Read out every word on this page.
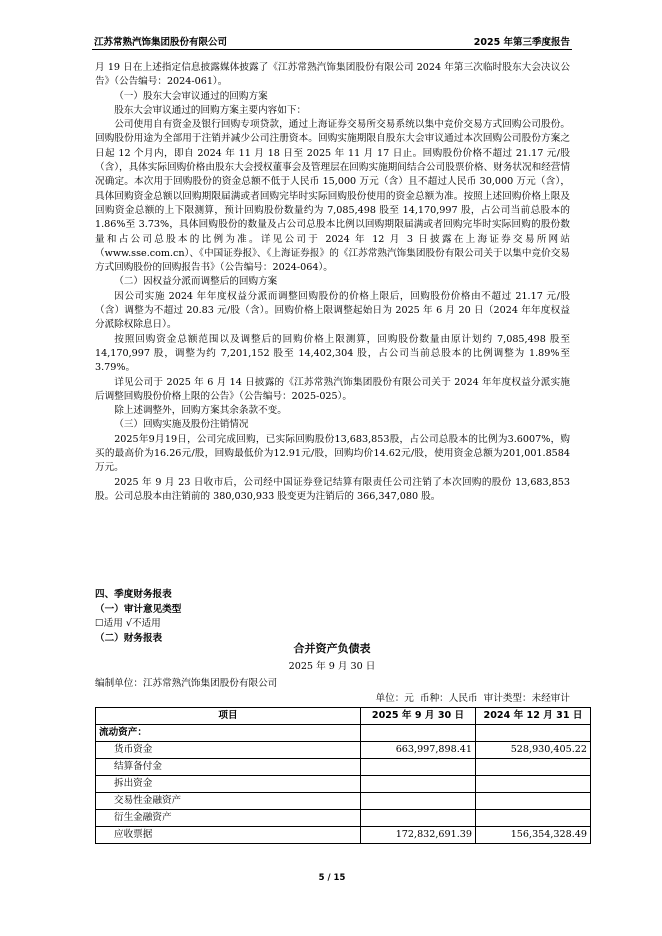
江苏常熟汽饰集团股份有限公司	2025 年第三季度报告

月 19 日在上述指定信息披露媒体披露了《江苏常熟汽饰集团股份有限公司 2024 年第三次临时股东大会决议公告》（公告编号：2024-061）。

（一）股东大会审议通过的回购方案

股东大会审议通过的回购方案主要内容如下：

公司使用自有资金及银行回购专项贷款，通过上海证券交易所交易系统以集中竞价交易方式回购公司股份。回购股份用途为全部用于注销并减少公司注册资本。回购实施期限自股东大会审议通过本次回购公司股份方案之日起 12 个月内，即自 2024 年 11 月 18 日至 2025 年 11 月 17 日止。回购股份价格不超过 21.17 元/股（含），具体实际回购价格由股东大会授权董事会及管理层在回购实施期间结合公司股票价格、财务状况和经营情况确定。本次用于回购股份的资金总额不低于人民币 15,000 万元（含）且不超过人民币 30,000 万元（含），具体回购资金总额以回购期限届满或者回购完毕时实际回购股份使用的资金总额为准。按照上述回购价格上限及回购资金总额的上下限测算，预计回购股份数量约为 7,085,498 股至 14,170,997 股，占公司当前总股本的 1.86%至 3.73%，具体回购股份的数量及占公司总股本比例以回购期限届满或者回购完毕时实际回购的股份数量和占公司总股本的比例为准。详见公司于 2024 年 12 月 3 日披露在上海证券交易所网站（www.sse.com.cn）、《中国证券报》、《上海证券报》的《江苏常熟汽饰集团股份有限公司关于以集中竞价交易方式回购股份的回购报告书》（公告编号：2024-064）。

（二）因权益分派而调整后的回购方案

因公司实施 2024 年年度权益分派而调整回购股份的价格上限后，回购股份价格由不超过 21.17 元/股（含）调整为不超过 20.83 元/股（含）。回购价格上限调整起始日为 2025 年 6 月 20 日（2024 年年度权益分派除权除息日）。

按照回购资金总额范围以及调整后的回购价格上限测算，回购股份数量由原计划约 7,085,498 股至 14,170,997 股，调整为约 7,201,152 股至 14,402,304 股，占公司当前总股本的比例调整为 1.89%至 3.79%。

详见公司于 2025 年 6 月 14 日披露的《江苏常熟汽饰集团股份有限公司关于 2024 年年度权益分派实施后调整回购股份价格上限的公告》（公告编号：2025-025）。

除上述调整外，回购方案其余条款不变。

（三）回购实施及股份注销情况

2025年9月19日，公司完成回购，已实际回购股份13,683,853股，占公司总股本的比例为3.6007%，购买的最高价为16.26元/股，回购最低价为12.91元/股，回购均价14.62元/股，使用资金总额为201,001.8584万元。

2025 年 9 月 23 日收市后，公司经中国证券登记结算有限责任公司注销了本次回购的股份 13,683,853 股。公司总股本由注销前的 380,030,933 股变更为注销后的 366,347,080 股。

四、季度财务报表
（一）审计意见类型
☐适用 √不适用
（二）财务报表
合并资产负债表
2025 年 9 月 30 日
编制单位：江苏常熟汽饰集团股份有限公司
单位：元  币种：人民币  审计类型：未经审计
项目	2025 年 9 月 30 日	2024 年 12 月 31 日
流动资产：		
货币资金	663,997,898.41	528,930,405.22
结算备付金		
拆出资金		
交易性金融资产		
衍生金融资产		
应收票据	172,832,691.39	156,354,328.49
5 / 15
